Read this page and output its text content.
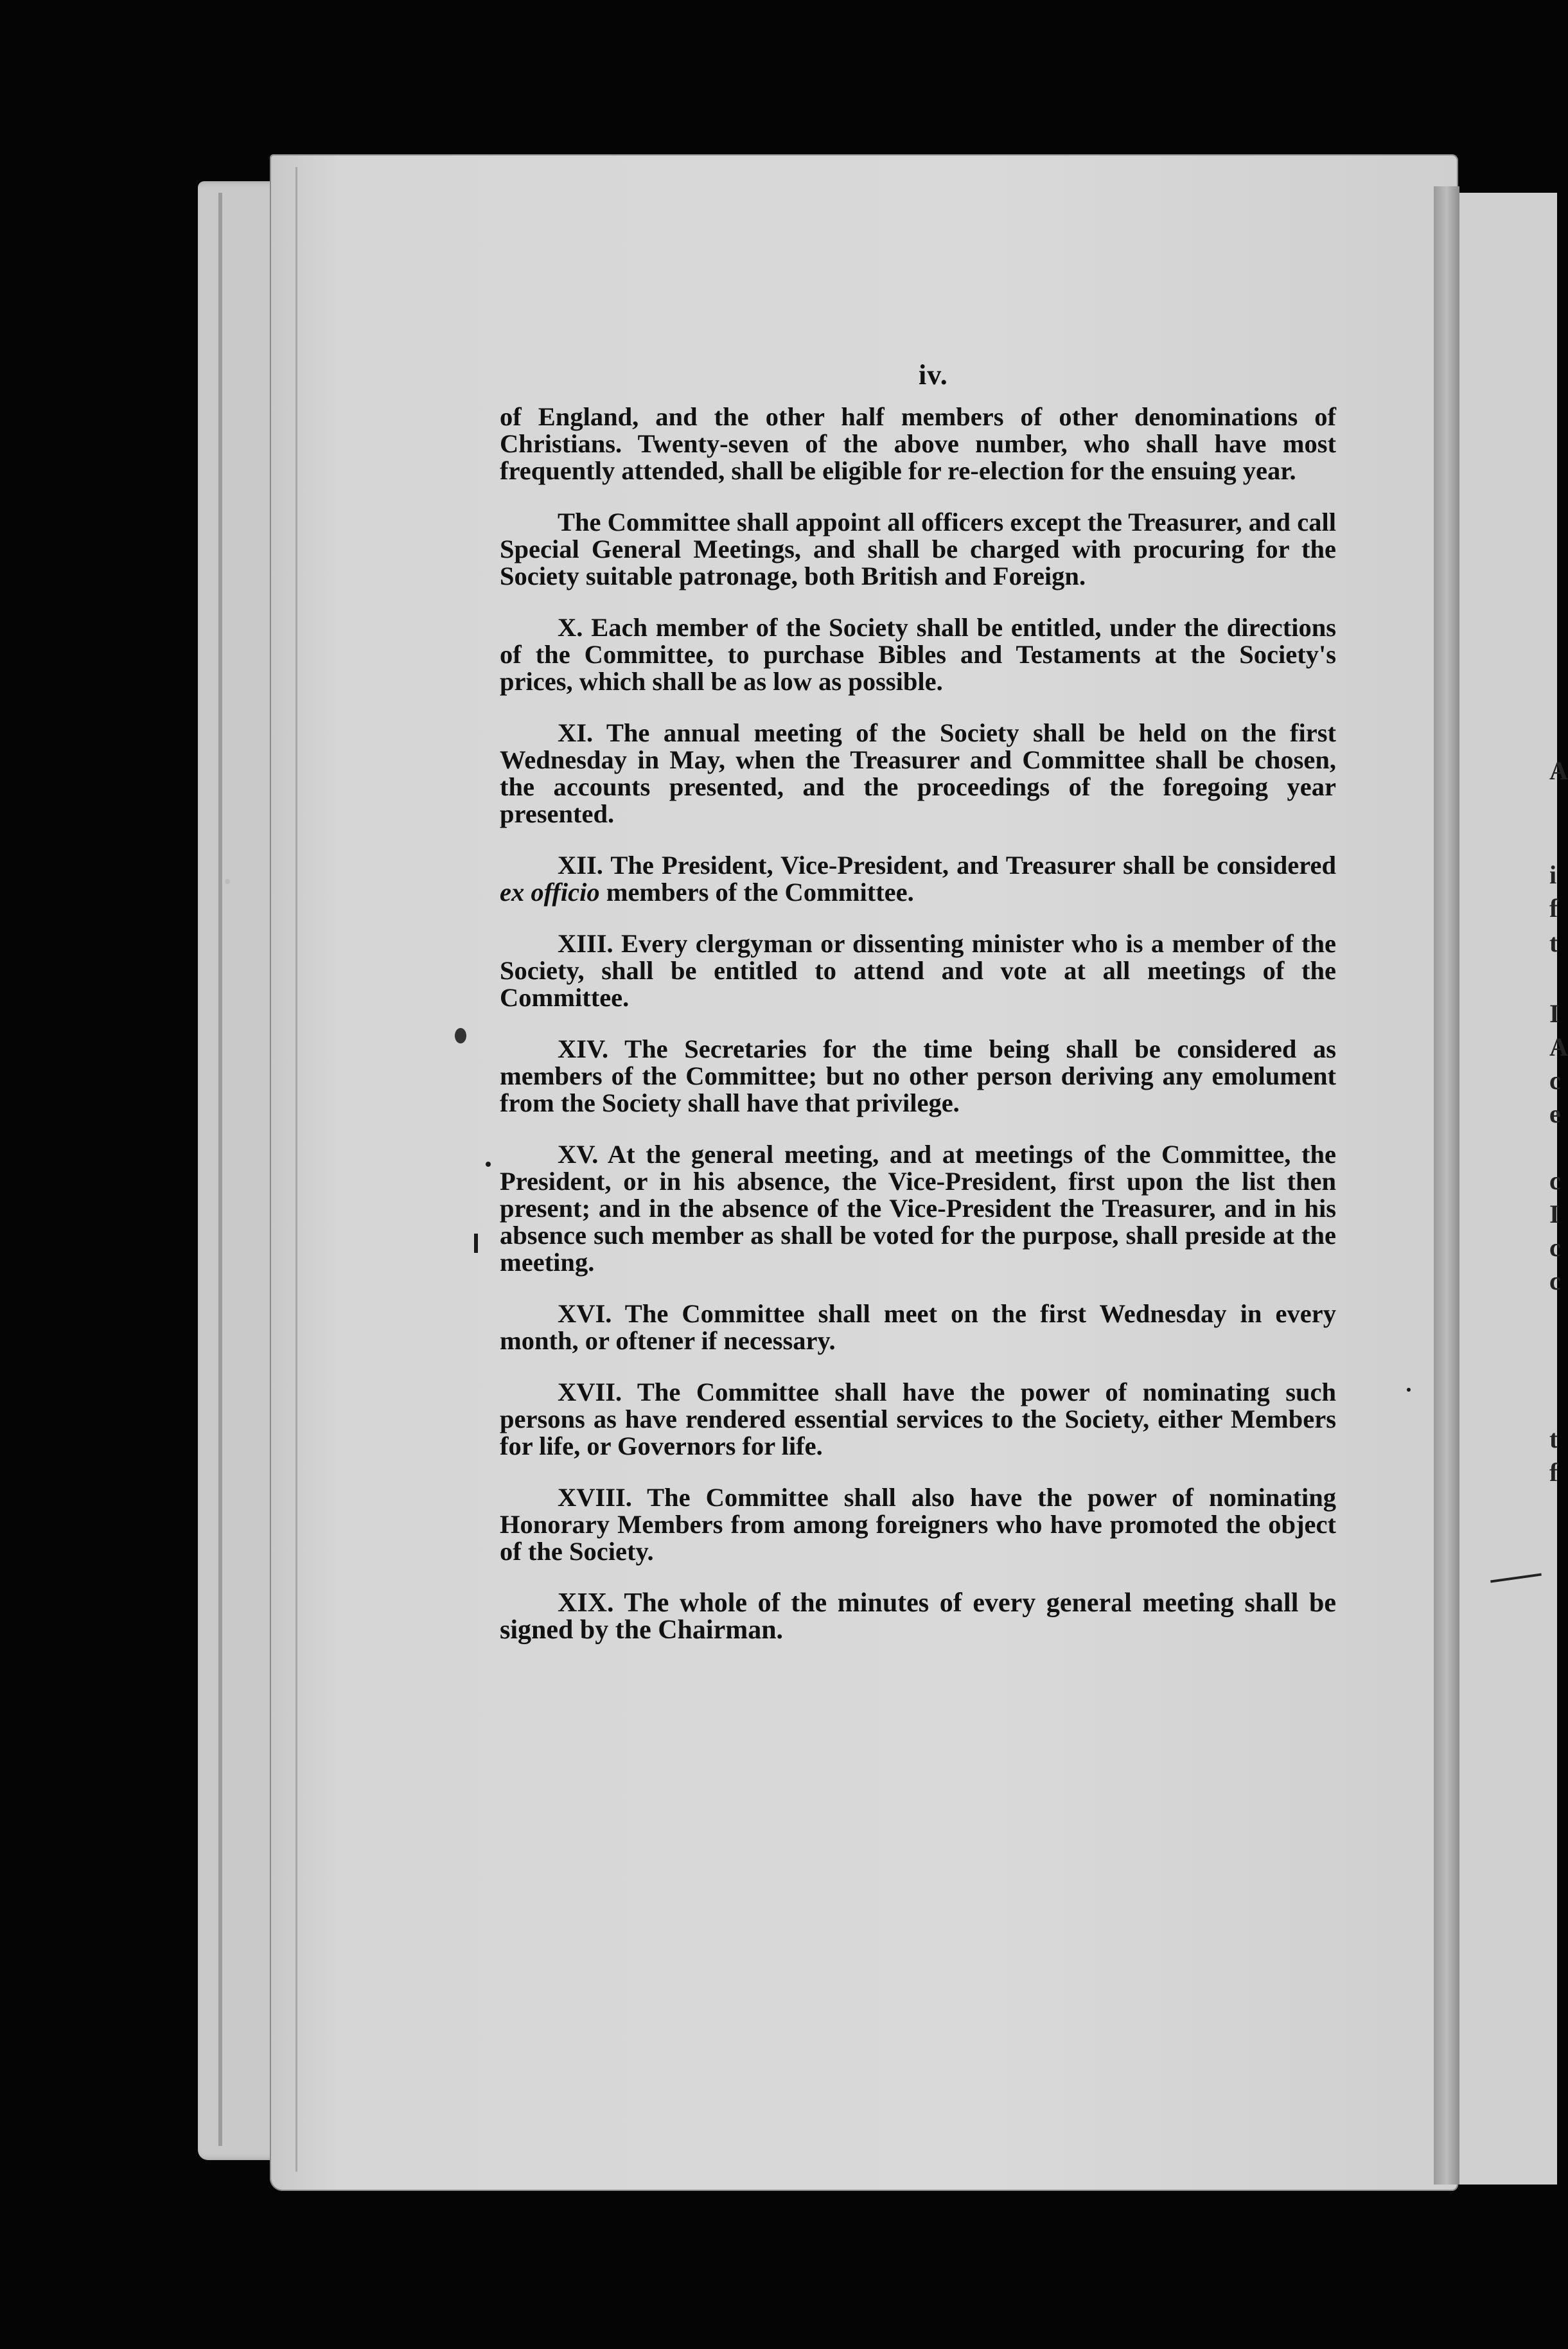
A
i
f
t
I
A
c
e
c
I
c
c
t
f
iv.

of England, and the other half members of other denominations of Christians. Twenty-seven of the above number, who shall have most frequently attended, shall be eligible for re-election for the ensuing year.

The Committee shall appoint all officers except the Treasurer, and call Special General Meetings, and shall be charged with procuring for the Society suitable patronage, both British and Foreign.

X. Each member of the Society shall be entitled, under the directions of the Committee, to purchase Bibles and Testaments at the Society's prices, which shall be as low as possible.

XI. The annual meeting of the Society shall be held on the first Wednesday in May, when the Treasurer and Committee shall be chosen, the accounts presented, and the proceedings of the foregoing year presented.

XII. The President, Vice-President, and Treasurer shall be considered ex officio members of the Committee.

XIII. Every clergyman or dissenting minister who is a member of the Society, shall be entitled to attend and vote at all meetings of the Committee.

XIV. The Secretaries for the time being shall be considered as members of the Committee; but no other person deriving any emolument from the Society shall have that privilege.

XV. At the general meeting, and at meetings of the Committee, the President, or in his absence, the Vice-President, first upon the list then present; and in the absence of the Vice-President the Treasurer, and in his absence such member as shall be voted for the purpose, shall preside at the meeting.

XVI. The Committee shall meet on the first Wednesday in every month, or oftener if necessary.

XVII. The Committee shall have the power of nominating such persons as have rendered essential services to the Society, either Members for life, or Governors for life.

XVIII. The Committee shall also have the power of nominating Honorary Members from among foreigners who have promoted the object of the Society.

XIX. The whole of the minutes of every general meeting shall be signed by the Chairman.
